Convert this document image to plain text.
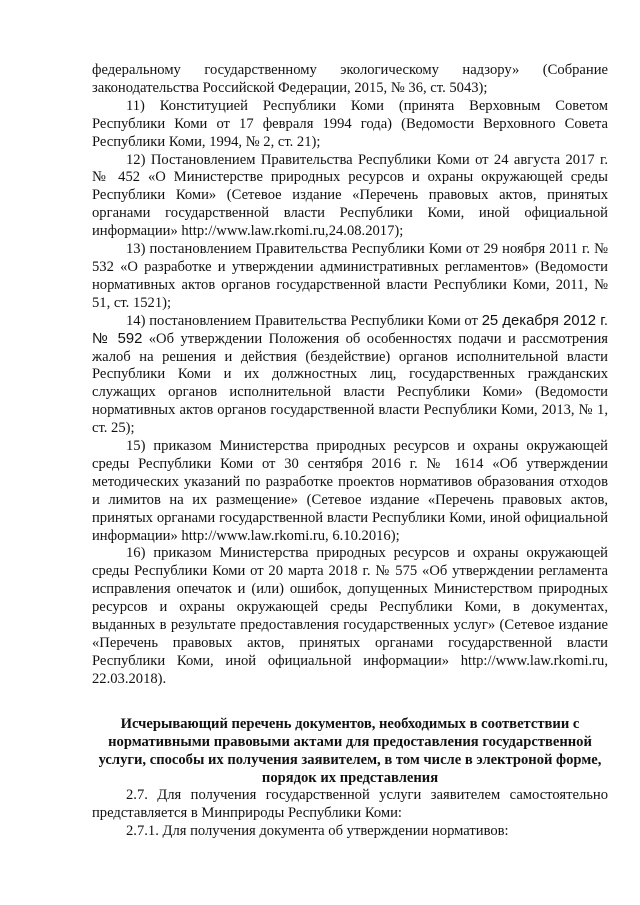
федеральному государственному экологическому надзору» (Собрание законодательства Российской Федерации, 2015, № 36, ст. 5043);

11) Конституцией Республики Коми (принята Верховным Советом Республики Коми от 17 февраля 1994 года) (Ведомости Верховного Совета Республики Коми, 1994, № 2, ст. 21);

12) Постановлением Правительства Республики Коми от 24 августа 2017 г. № 452 «О Министерстве природных ресурсов и охраны окружающей среды Республики Коми» (Сетевое издание «Перечень правовых актов, принятых органами государственной власти Республики Коми, иной официальной информации» http://www.law.rkomi.ru,24.08.2017);

13) постановлением Правительства Республики Коми от 29 ноября 2011 г. № 532 «О разработке и утверждении административных регламентов» (Ведомости нормативных актов органов государственной власти Республики Коми, 2011, № 51, ст. 1521);

14) постановлением Правительства Республики Коми от 25 декабря 2012 г. № 592 «Об утверждении Положения об особенностях подачи и рассмотрения жалоб на решения и действия (бездействие) органов исполнительной власти Республики Коми и их должностных лиц, государственных гражданских служащих органов исполнительной власти Республики Коми» (Ведомости нормативных актов органов государственной власти Республики Коми, 2013, № 1, ст. 25);

15) приказом Министерства природных ресурсов и охраны окружающей среды Республики Коми от 30 сентября 2016 г. № 1614 «Об утверждении методических указаний по разработке проектов нормативов образования отходов и лимитов на их размещение» (Сетевое издание «Перечень правовых актов, принятых органами государственной власти Республики Коми, иной официальной информации» http://www.law.rkomi.ru, 6.10.2016);

16) приказом Министерства природных ресурсов и охраны окружающей среды Республики Коми от 20 марта 2018 г. № 575 «Об утверждении регламента исправления опечаток и (или) ошибок, допущенных Министерством природных ресурсов и охраны окружающей среды Республики Коми, в документах, выданных в результате предоставления государственных услуг» (Сетевое издание «Перечень правовых актов, принятых органами государственной власти Республики Коми, иной официальной информации» http://www.law.rkomi.ru, 22.03.2018).

Исчерывающий перечень документов, необходимых в соответствии с нормативными правовыми актами для предоставления государственной услуги, способы их получения заявителем, в том числе в электроной форме, порядок их представления

2.7. Для получения государственной услуги заявителем самостоятельно представляется в Минприроды Республики Коми:

2.7.1. Для получения документа об утверждении нормативов:
